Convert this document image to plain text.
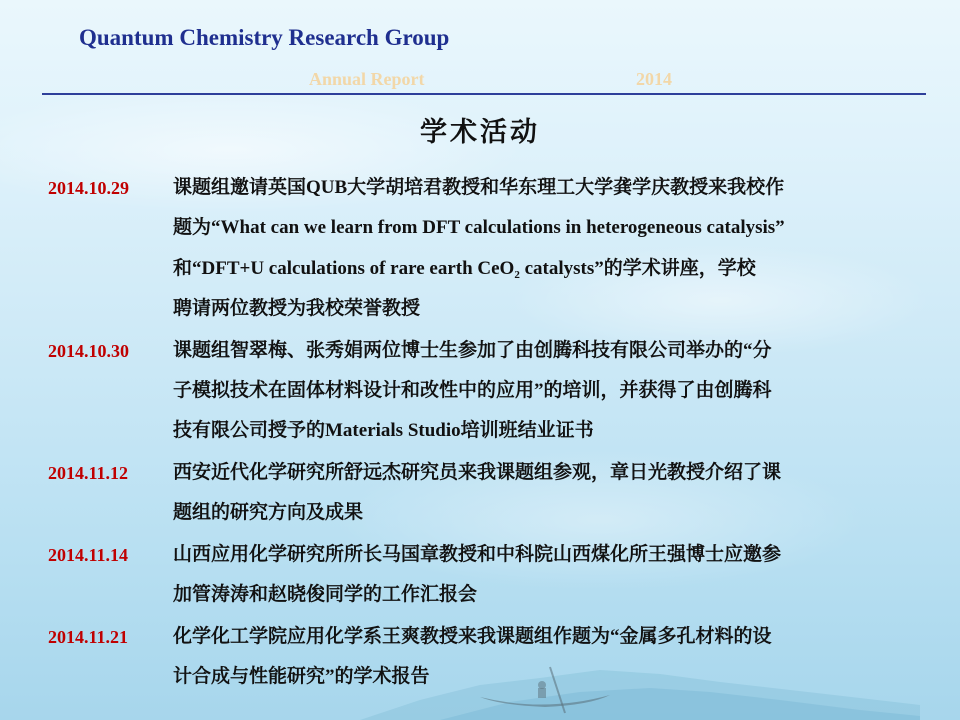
Quantum Chemistry Research Group
Annual Report	2014
学术活动
2014.10.29 课题组邀请英国QUB大学胡培君教授和华东理工大学龚学庆教授来我校作
题为“What can we learn from DFT calculations in heterogeneous catalysis”
和“DFT+U calculations of rare earth CeO$_2$ catalysts”的学术讲座，学校
聘请两位教授为我校荣誉教授
2014.10.30 课题组智翠梅、张秀娟两位博士生参加了由创腾科技有限公司举办的“分
子模拟技术在固体材料设计和改性中的应用”的培训，并获得了由创腾科
技有限公司授予的Materials Studio培训班结业证书
2014.11.12 西安近代化学研究所舒远杰研究员来我课题组参观，章日光教授介绍了课
题组的研究方向及成果
2014.11.14 山西应用化学研究所所长马国章教授和中科院山西煤化所王强博士应邀参
加管涛涛和赵晓俊同学的工作汇报会
2014.11.21 化学化工学院应用化学系王爽教授来我课题组作题为“金属多孔材料的设
计合成与性能研究”的学术报告
